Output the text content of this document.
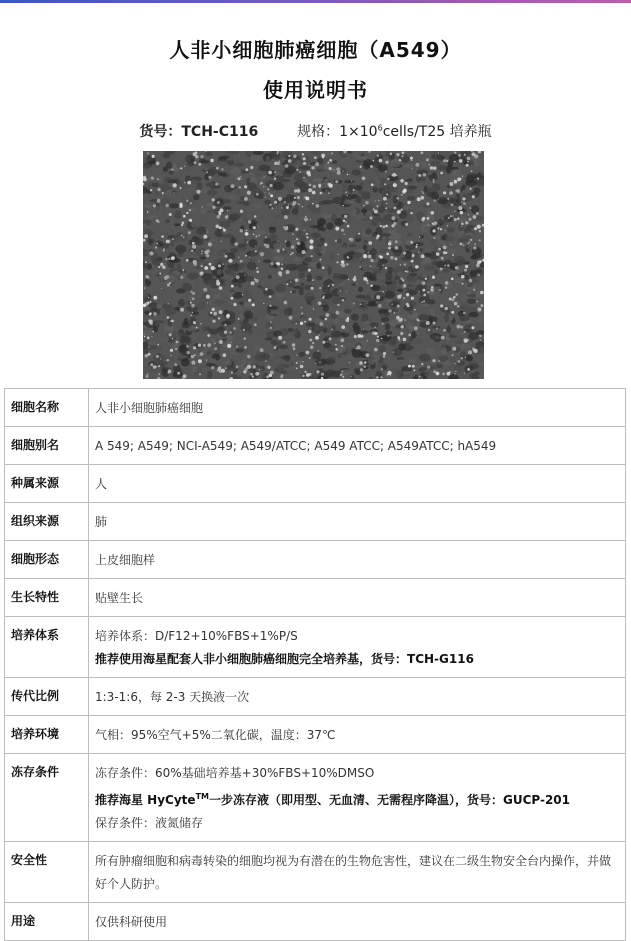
人非小细胞肺癌细胞（A549）
使用说明书
货号：TCH-C116	规格：$1\times 10^6cells/T25$ 培养瓶
细胞名称	人非小细胞肺癌细胞
细胞别名	A 549; A549; NCI-A549; A549/ATCC; A549 ATCC; A549ATCC; hA549
种属来源	人
组织来源	肺
细胞形态	上皮细胞样
生长特性	贴壁生长
培养体系	培养体系：D/F12+10%FBS+1%P/S
推荐使用海星配套人非小细胞肺癌细胞完全培养基，货号：TCH-G116

传代比例	1:3-1:6，每 2-3 天换液一次
培养环境	气相：95%空气+5%二氧化碳，温度：37℃
冻存条件	冻存条件：60%基础培养基+30%FBS+10%DMSO
推荐海星 HyCyte™一步冻存液（即用型、无血清、无需程序降温），货号：GUCP-201
保存条件：液氮储存

安全性	所有肿瘤细胞和病毒转染的细胞均视为有潜在的生物危害性，建议在二级生物安全台内操作，并做好个人防护。
用途	仅供科研使用
